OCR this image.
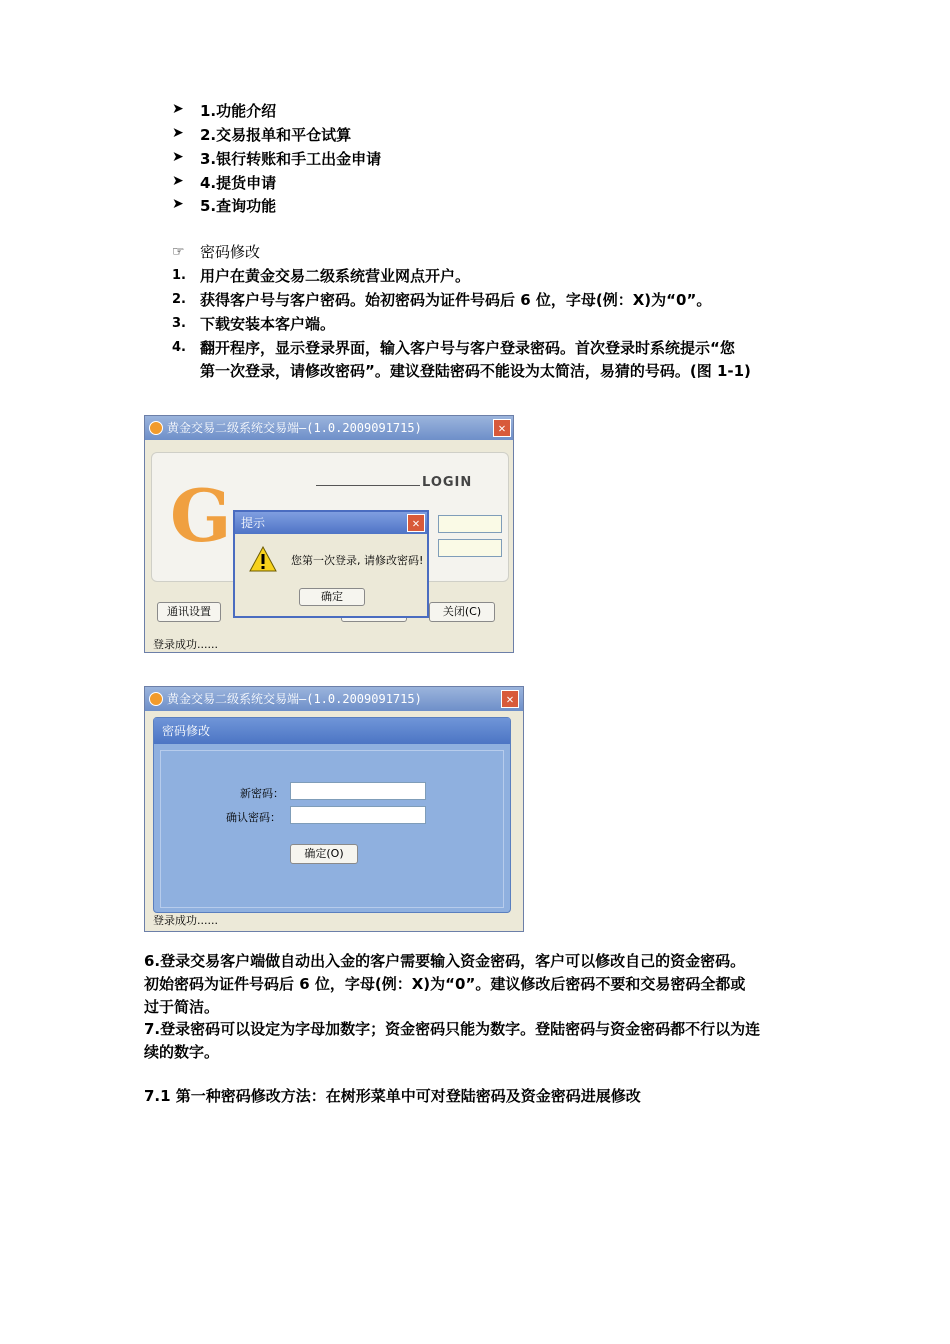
➤ 1.功能介绍
➤ 2.交易报单和平仓试算
➤ 3.银行转账和手工出金申请
➤ 4.提货申请
➤ 5.查询功能
☞ 密码修改
1. 用户在黄金交易二级系统营业网点开户。
2. 获得客户号与客户密码。始初密码为证件号码后 6 位，字母(例：X)为“0”。
3. 下载安装本客户端。
4. 翻开程序，显示登录界面，输入客户号与客户登录密码。首次登录时系统提示“您
第一次登录，请修改密码”。建议登陆密码不能设为太简洁，易猜的号码。(图 1-1)
黄金交易二级系统交易端—(1.0.2009091715)	✕
G	LOGIN
通讯设置	关闭(C)
登录成功......
提示	✕
您第一次登录, 请修改密码!
确定
黄金交易二级系统交易端—(1.0.2009091715)	✕
密码修改
新密码：
确认密码：
确定(O)
登录成功......
6.登录交易客户端做自动出入金的客户需要输入资金密码，客户可以修改自己的资金密码。
初始密码为证件号码后 6 位，字母(例：X)为“0”。建议修改后密码不要和交易密码全都或
过于简洁。
7.登录密码可以设定为字母加数字；资金密码只能为数字。登陆密码与资金密码都不行以为连
续的数字。
7.1 第一种密码修改方法：在树形菜单中可对登陆密码及资金密码进展修改
